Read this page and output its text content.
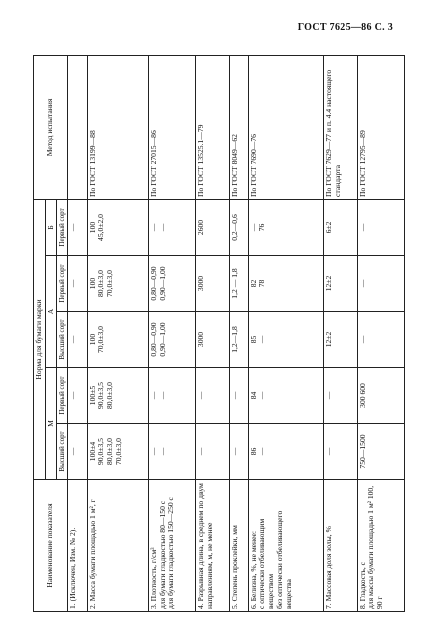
ГОСТ 7625—86 С. 3
Наименование показателя	Норма для бумаги марки					Метод испытания
	М		А		Б	
	Высший сорт	Первый сорт	Высший сорт	Первый сорт	Первый сорт	
1. (Исключен, Изм. № 2).	—	—	—	—	—	
2. Масса бумаги площадью 1 м², г	100±4
90,0±3,5
80,0±3,0
70,0±3,0	100±5
90,0±3,5
80,0±3,0	100
70,0±3,0	100
80,0±3,0
70,0±3,0	100
45,0±2,0	По ГОСТ 13199—88
3. Плотность, г/см³
для бумаги гладкостью 80—150 с
для бумаги гладкостью 150—250 с	—
—	—
—	0,80—0,90
0,90—1,00	0,80—0,90
0,90—1,00	—
—	По ГОСТ 27015—86
4. Разрывная длина, в среднем по двум направлениям, м, не менее	—	—	3000	3000	2600	По ГОСТ 13525.1—79
5. Степень проклейки, мм	—	—	1,2—1,8	1,2 — 1,8	0,2—0,6	По ГОСТ 8049—62
6. Белизна, %, не менее:
с оптически отбеливающим веществом
без оптически отбеливающего вещества	86
—	84
—	85
—	82
78	—
76	По ГОСТ 7690—76
7. Массовая доля золы, %	—	—	12±2	12±2	6±2	По ГОСТ 7629—77 и п. 4.4 настоящего стандарта
8. Гладкость, с
для массы бумаги площадью 1 м² 100, 90 г	750—1500	300 600	—	—	—	По ГОСТ 12795—89
